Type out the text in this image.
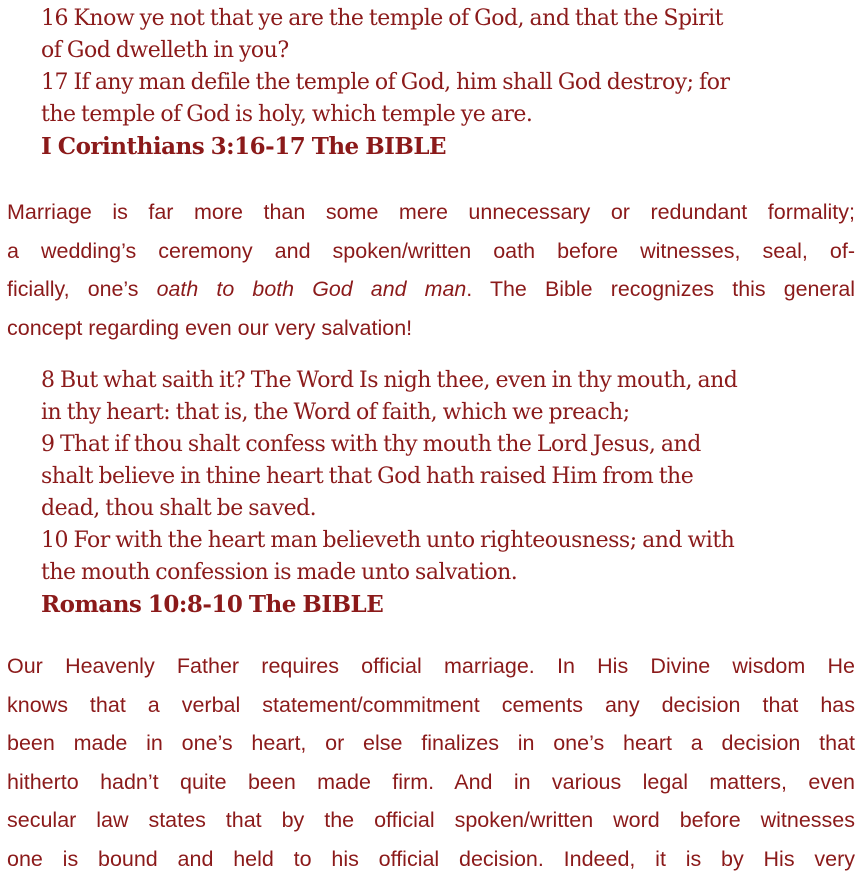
16 Know ye not that ye are the temple of God, and that the Spirit
of God dwelleth in you?
17 If any man defile the temple of God, him shall God destroy; for
the temple of God is holy, which temple ye are.
I Corinthians 3:16-17 The BIBLE
Marriage is far more than some mere unnecessary or redundant formality;
a wedding’s ceremony and spoken/written oath before witnesses, seal, of-
ficially, one’s oath to both God and man. The Bible recognizes this general
concept regarding even our very salvation!
8 But what saith it? The Word Is nigh thee, even in thy mouth, and
in thy heart: that is, the Word of faith, which we preach;
9 That if thou shalt confess with thy mouth the Lord Jesus, and
shalt believe in thine heart that God hath raised Him from the
dead, thou shalt be saved.
10 For with the heart man believeth unto righteousness; and with
the mouth confession is made unto salvation.
Romans 10:8-10 The BIBLE
Our Heavenly Father requires official marriage. In His Divine wisdom He
knows that a verbal statement/commitment cements any decision that has
been made in one’s heart, or else finalizes in one’s heart a decision that
hitherto hadn’t quite been made firm. And in various legal matters, even
secular law states that by the official spoken/written word before witnesses
one is bound and held to his official decision. Indeed, it is by His very
